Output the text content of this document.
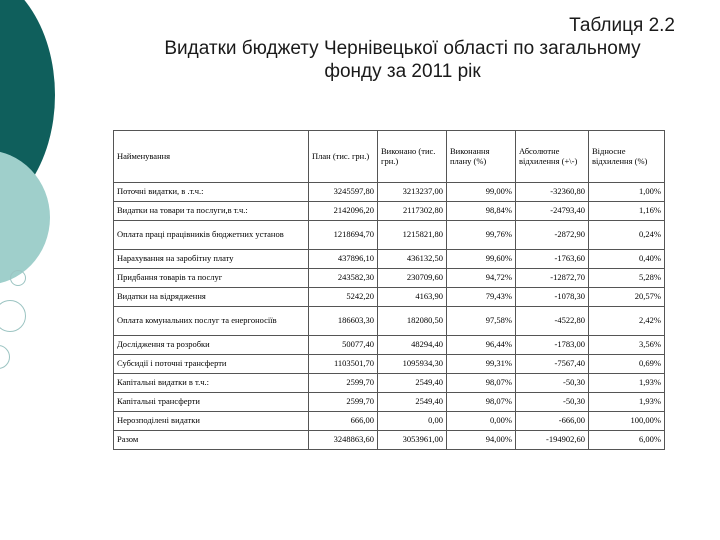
Таблиця 2.2
Видатки бюджету Чернівецької області по загальному
фонду за 2011 рік
Найменування	План (тис. грн.)	Виконано (тис. грн.)	Виконання плану (%)	Абсолютне відхилення (+\-)	Відносне відхилення (%)
Поточні видатки, в .т.ч.:	3245597,80	3213237,00	99,00%	-32360,80	1,00%
Видатки на товари та послуги,в т.ч.:	2142096,20	2117302,80	98,84%	-24793,40	1,16%
Оплата праці працівників бюджетних установ	1218694,70	1215821,80	99,76%	-2872,90	0,24%
Нарахування на заробітну плату	437896,10	436132,50	99,60%	-1763,60	0,40%
Придбання товарів та послуг	243582,30	230709,60	94,72%	-12872,70	5,28%
Видатки на відрядження	5242,20	4163,90	79,43%	-1078,30	20,57%
Оплата комунальних послуг та енергоносіїв	186603,30	182080,50	97,58%	-4522,80	2,42%
Дослідження та розробки	50077,40	48294,40	96,44%	-1783,00	3,56%
Субсидії і поточні трансферти	1103501,70	1095934,30	99,31%	-7567,40	0,69%
Капітальні видатки в т.ч.:	2599,70	2549,40	98,07%	-50,30	1,93%
Капітальні трансферти	2599,70	2549,40	98,07%	-50,30	1,93%
Нерозподілені видатки	666,00	0,00	0,00%	-666,00	100,00%
Разом	3248863,60	3053961,00	94,00%	-194902,60	6,00%
